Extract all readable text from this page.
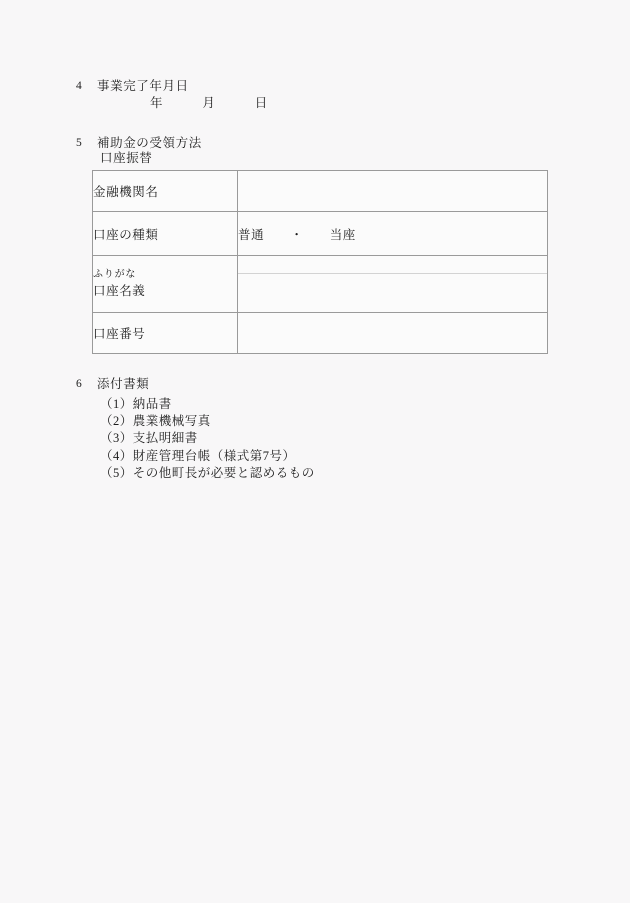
4	事業完了年月日
年　　　月　　　日
5	補助金の受領方法
口座振替
金融機関名	
口座の種類	普通　　・　　当座

ふりがな
口座名義	

口座番号	
6	添付書類
（1）納品書
（2）農業機械写真
（3）支払明細書
（4）財産管理台帳（様式第7号）
（5）その他町長が必要と認めるもの
